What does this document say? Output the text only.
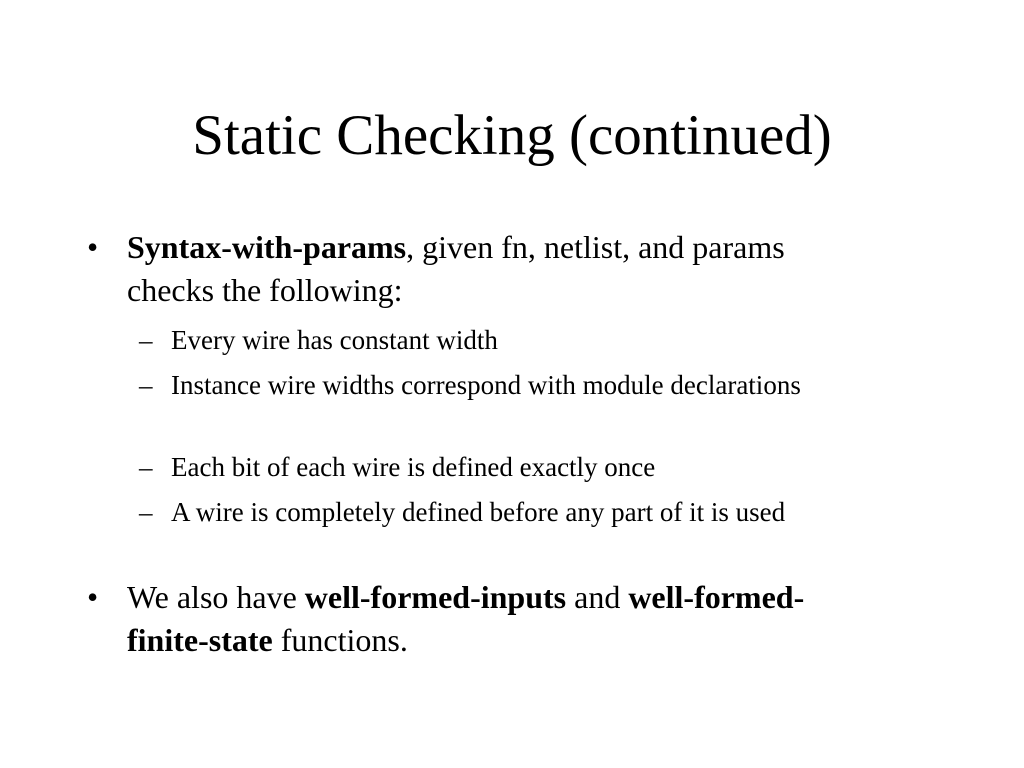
Static Checking (continued)

• Syntax-with-params, given fn, netlist, and params checks the following:

– Every wire has constant width

– Instance wire widths correspond with module declarations

– Each bit of each wire is defined exactly once

– A wire is completely defined before any part of it is used

• We also have well-formed-inputs and well-formed-finite-state functions.
